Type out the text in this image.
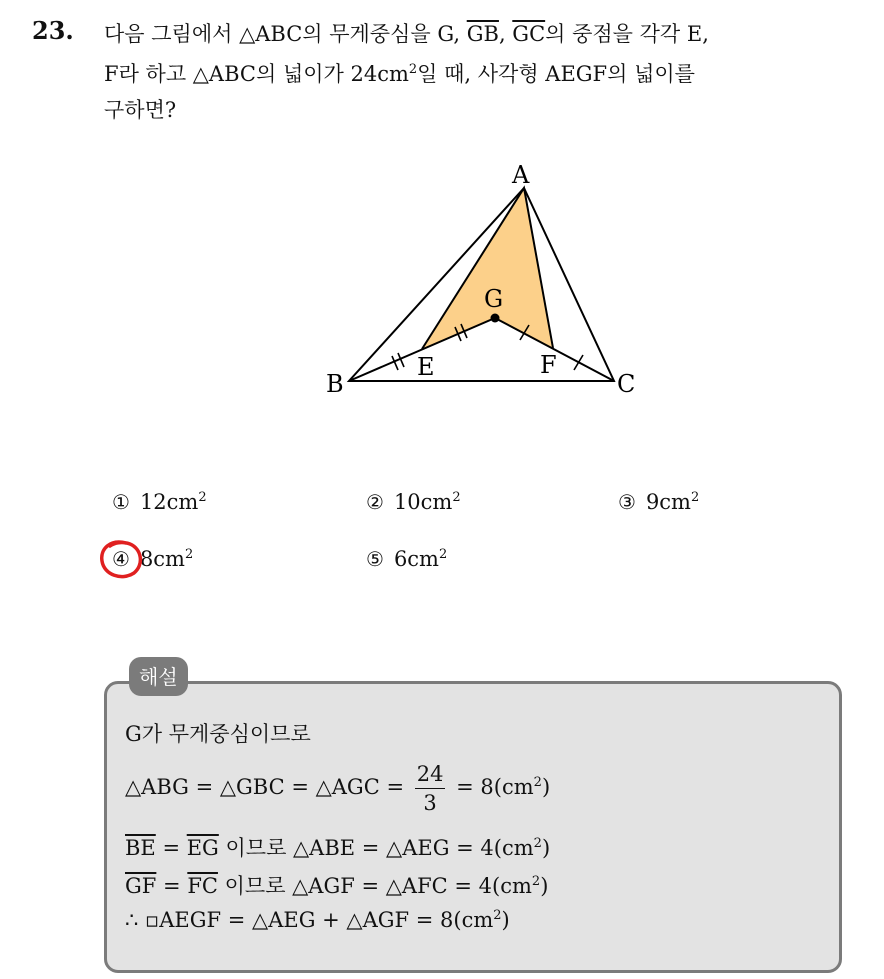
23. 다음 그림에서 △ABC의 무게중심을 G, $\overline{GB}$, $\overline{GC}$의 중점을 각각 E,
F라 하고 △ABC의 넓이가 $24cm^2$일 때, 사각형 AEGF의 넓이를
구하면?
A
B	C
G
E	F
① $12cm^2$	② $10cm^2$	③ $9cm^2$
④ $8cm^2$	⑤ $6cm^2$
해설
G가 무게중심이므로
△ABG = △GBC = △AGC = $\frac{24}{3} = 8(cm^2)$
$\overline{BE} = \overline{EG}$ 이므로 △ABE = △AEG = $4(cm^2)$
$\overline{GF} = \overline{FC}$ 이므로 △AGF = △AFC = $4(cm^2)$
∴ ▫AEGF = △AEG + △AGF = $8(cm^2)$
